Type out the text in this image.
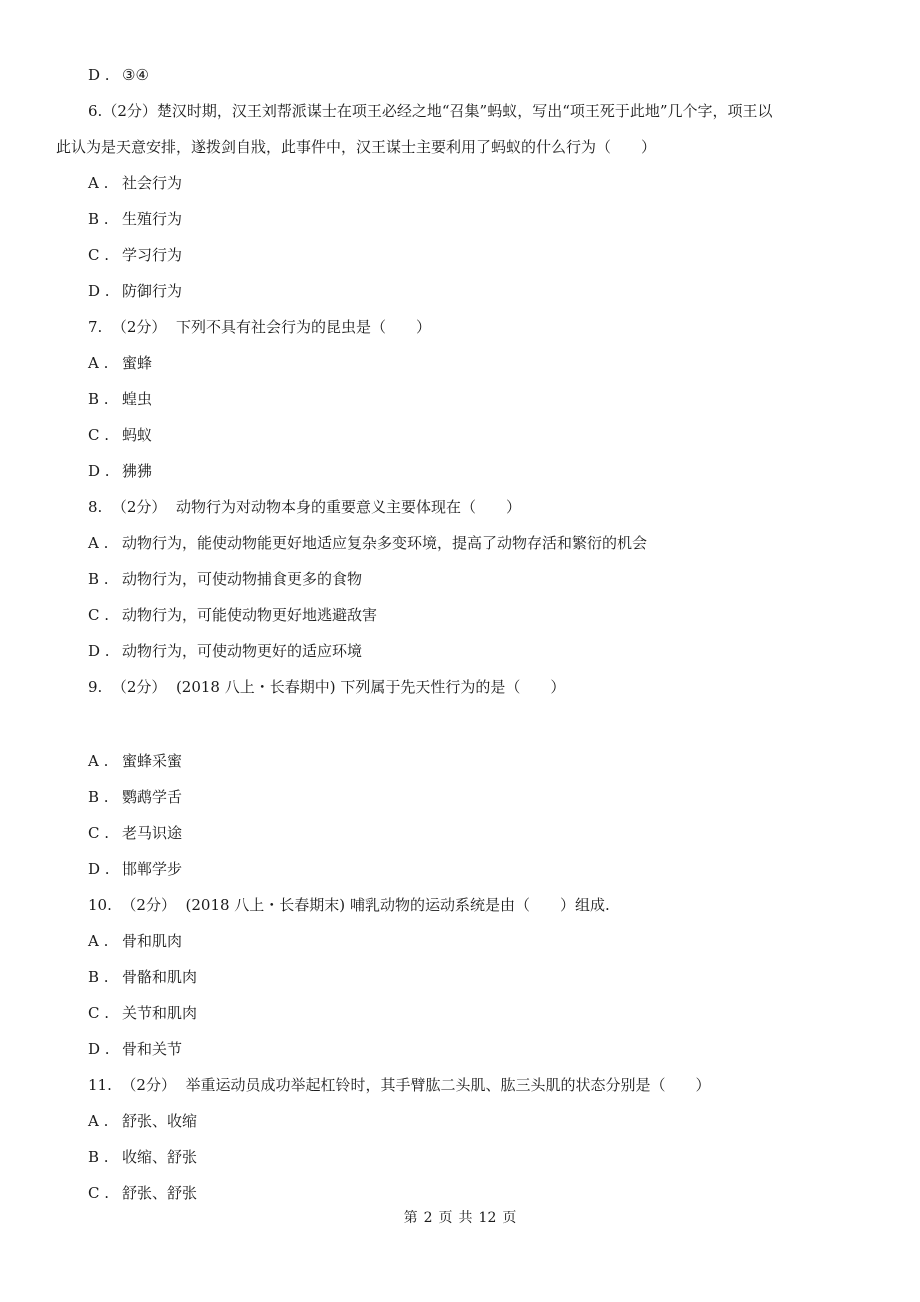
D . ③④
6.（2分）楚汉时期，汉王刘帮派谋士在项王必经之地“召集”蚂蚁，写出“项王死于此地”几个字，项王以
此认为是天意安排，遂拨剑自戕，此事件中，汉王谋士主要利用了蚂蚁的什么行为（　　）
A . 社会行为
B . 生殖行为
C . 学习行为
D . 防御行为
7. （2分） 下列不具有社会行为的昆虫是（　　）
A . 蜜蜂
B . 蝗虫
C . 蚂蚁
D . 狒狒
8. （2分） 动物行为对动物本身的重要意义主要体现在（　　）
A . 动物行为，能使动物能更好地适应复杂多变环境，提高了动物存活和繁衍的机会
B . 动物行为，可使动物捕食更多的食物
C . 动物行为，可能使动物更好地逃避敌害
D . 动物行为，可使动物更好的适应环境
9. （2分） (2018 八上・长春期中) 下列属于先天性行为的是（　　）
A . 蜜蜂采蜜
B . 鹦鹉学舌
C . 老马识途
D . 邯郸学步
10. （2分） (2018 八上・长春期末) 哺乳动物的运动系统是由（　　）组成.
A . 骨和肌肉
B . 骨骼和肌肉
C . 关节和肌肉
D . 骨和关节
11. （2分） 举重运动员成功举起杠铃时，其手臂肱二头肌、肱三头肌的状态分别是（　　）
A . 舒张、收缩
B . 收缩、舒张
C . 舒张、舒张
第 2 页 共 12 页
